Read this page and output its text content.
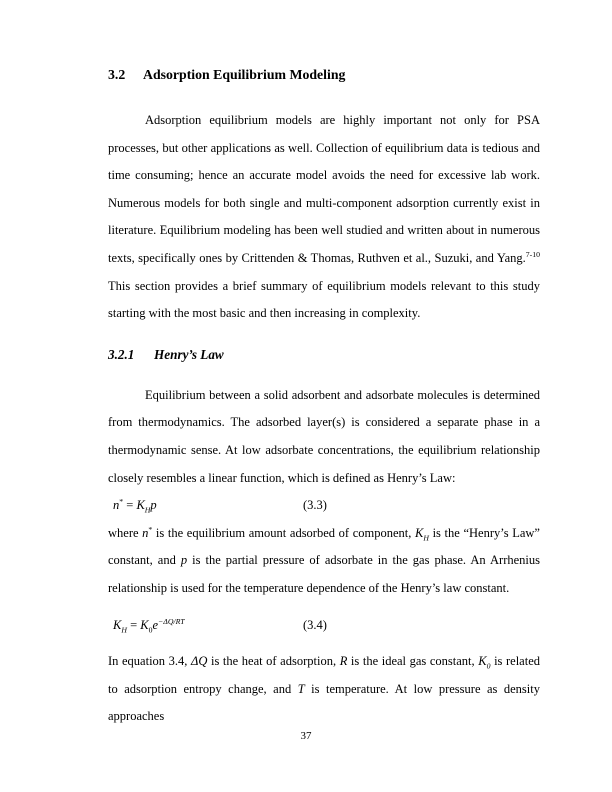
3.2 Adsorption Equilibrium Modeling

Adsorption equilibrium models are highly important not only for PSA processes, but other applications as well. Collection of equilibrium data is tedious and time consuming; hence an accurate model avoids the need for excessive lab work. Numerous models for both single and multi-component adsorption currently exist in literature. Equilibrium modeling has been well studied and written about in numerous texts, specifically ones by Crittenden & Thomas, Ruthven et al., Suzuki, and Yang.$^{7-10}$ This section provides a brief summary of equilibrium models relevant to this study starting with the most basic and then increasing in complexity.

3.2.1 Henry’s Law

Equilibrium between a solid adsorbent and adsorbate molecules is determined from thermodynamics. The adsorbed layer(s) is considered a separate phase in a thermodynamic sense. At low adsorbate concentrations, the equilibrium relationship closely resembles a linear function, which is defined as Henry’s Law:

$n^* = K_Hp$	(3.3)

where n* is the equilibrium amount adsorbed of component, $K_H$ is the “Henry’s Law” constant, and p is the partial pressure of adsorbate in the gas phase. An Arrhenius relationship is used for the temperature dependence of the Henry’s law constant.

$K_H = K_0e^{-\Delta Q/RT}$	(3.4)

In equation 3.4, ΔQ is the heat of adsorption, R is the ideal gas constant, $K_0$ is related to adsorption entropy change, and T is temperature. At low pressure as density approaches

37
